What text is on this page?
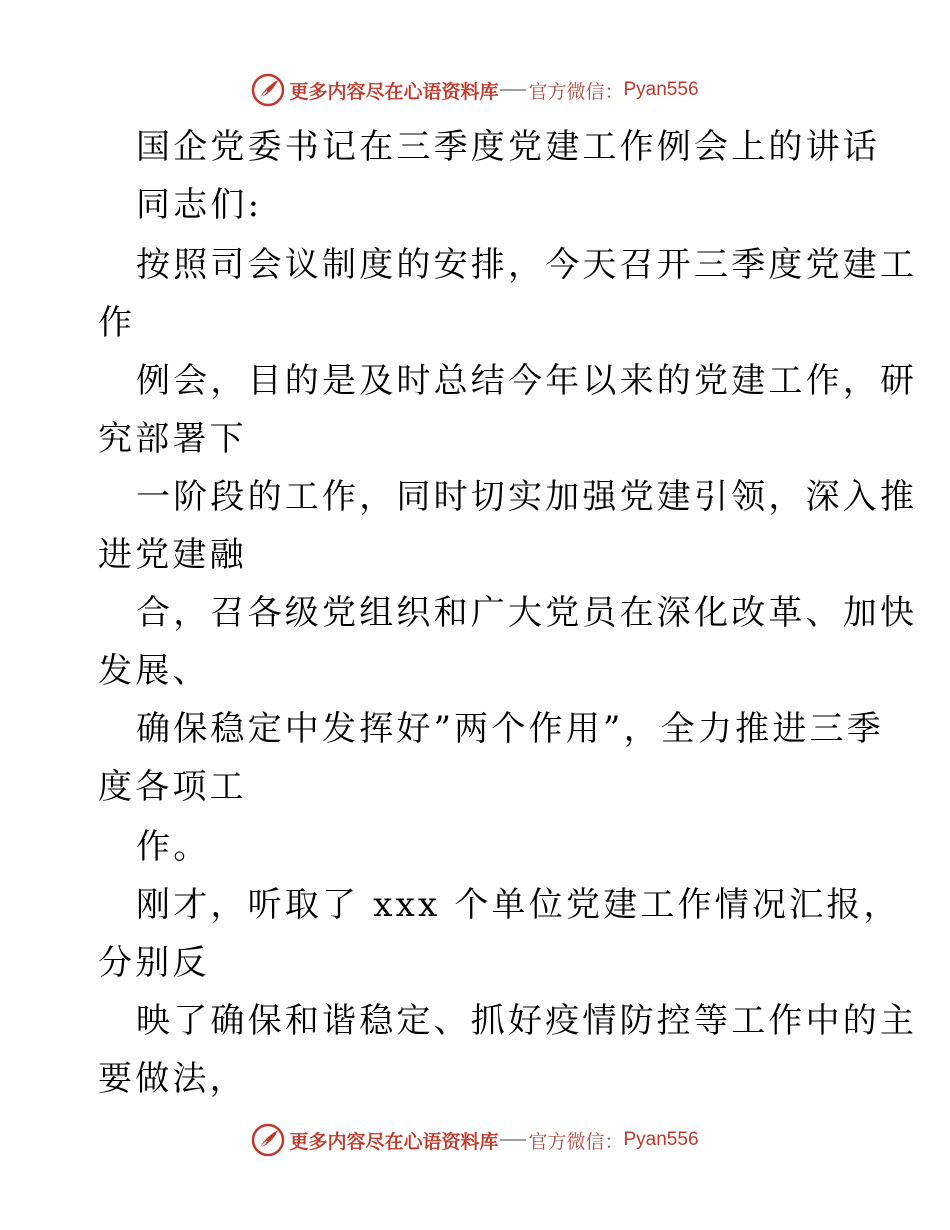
更多内容尽在心语资料库 官方微信： Pyan556
国企党委书记在三季度党建工作例会上的讲话
同志们:
按照司会议制度的安排，今天召开三季度党建工
作
例会，目的是及时总结今年以来的党建工作，研
究部署下
一阶段的工作，同时切实加强党建引领，深入推
进党建融
合，召各级党组织和广大党员在深化改革、加快
发展、
确保稳定中发挥好”两个作用”，全力推进三季
度各项工
作。
刚才，听取了 xxx 个单位党建工作情况汇报，
分别反
映了确保和谐稳定、抓好疫情防控等工作中的主
要做法，
更多内容尽在心语资料库 官方微信： Pyan556
